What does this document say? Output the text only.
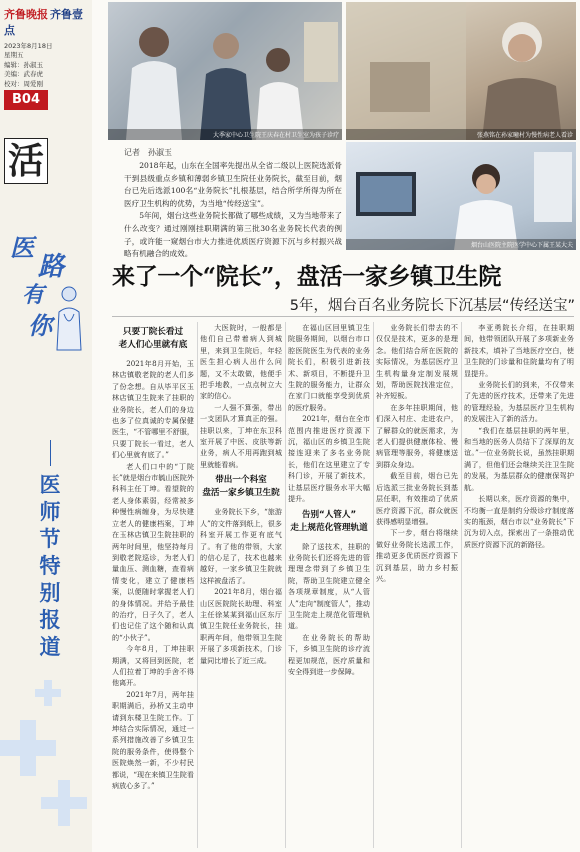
齐鲁晚报 齐鲁壹点
2023年8月18日
星期五
编辑：孙淑玉
美编：武春虎
校对：周爱刚
B04
活
医
路
有
你
医师节特别报道
大季家中心卫生院王庆春在村卫生室为孩子诊疗	张燕铭在孙家疃村为慢性病老人看诊
烟台山医院主院医学中心下属王某大夫
记者　孙淑玉

2018年起，山东在全国率先提出从全省二级以上医院选派骨干到县级重点乡镇和薄弱乡镇卫生院任业务院长，截至目前，烟台已先后选派100名“业务院长”扎根基层，结合所学所得为所在医疗卫生机构的优势，为当地“传经送宝”。

5年间，烟台这些业务院长都做了哪些成绩，又为当地带来了什么改变？通过刚刚挂职期满的第三批30名业务院长代表的例子，或许能一窥烟台市大力推进优质医疗资源下沉与乡村振兴战略有机融合的成效。

来了一个“院长”，盘活一家乡镇卫生院
5年，烟台百名业务院长下沉基层“传经送宝”
只要丁院长看过
老人们心里就有底

2021年8月开始，玉林店镇敬老院的老人们多了份念想。自从毕平区玉林店镇卫生院来了挂职的业务院长，老人们的身边也多了位真诚的专属保健医生，“不管哪里不舒服，只要丁院长一看过，老人们心里就有底了。”

老人们口中的“丁院长”就是烟台市毓山医院外科科主任丁坤。看望院的老人身体素弱，经常被多种慢性病缠身，为尽快建立老人的健康档案，丁坤在玉林店镇卫生院挂职的两年时间里，他坚持每月到敬老院巡诊，为老人们量血压、测血糖，查看病情变化，建立了健康档案，以便随时掌握老人们的身体情况。并给予最佳的治疗，日子久了，老人们也记住了这个随和认真的“小伙子”。

今年8月，丁坤挂职期满，又将回到医院，老人们拉着丁坤的手舍不得他离开。

2021年7月，两年挂职期满后，孙桥又主动申请到东楼卫生院工作。丁坤结合实际情况，通过一系列措施改善了乡镇卫生院的服务条件，使得整个医院焕然一新，不少村民都说，“现在来镇卫生院看病放心多了。”

大医院时，一般都是他们自己带着病人到城里，来到卫生院后，年轻医生担心病人出什么问题，又不太敢做，他便手把手地教，一点点树立大家的信心。

一人强不算强，带出一支团队才算真正的强。挂职以来，丁坤在东卫科室开展了中医、皮肤等新业务，病人不用再跑到城里就能看病。

带出一个科室
盘活一家乡镇卫生院

业务院长下乡，“旅游人”的文件落到纸上，很多科室开展工作更有底气了。有了他的带领，大家的信心足了，技术也越来越好，一家乡镇卫生院就这样被盘活了。

2021年8月，烟台福山区医院院长助理、科室主任徐某某到福山区东厅镇卫生院任业务院长，挂职两年间，他带领卫生院开展了多项新技术，门诊量同比增长了近三成。

在福山区回里镇卫生院服务期间，以烟台市口腔医院医生为代表的业务院长们，积极引进新技术、新项目，不断提升卫生院的服务能力，让群众在家门口就能享受到优质的医疗服务。

2021年，烟台在全市范围内推进医疗资源下沉，福山区的乡镇卫生院接连迎来了多名业务院长，他们在这里建立了专科门诊，开展了新技术，让基层医疗服务水平大幅提升。

告别“人管人”
走上规范化管理轨道

除了送技术，挂职的业务院长们还将先进的管理理念带到了乡镇卫生院，帮助卫生院建立健全各项规章制度，从“人管人”走向“制度管人”，推动卫生院走上规范化管理轨道。

在业务院长的帮助下，乡镇卫生院的诊疗流程更加规范，医疗质量和安全得到进一步保障。

业务院长们带去的不仅仅是技术，更多的是理念。他们结合所在医院的实际情况，为基层医疗卫生机构量身定制发展规划，帮助医院找准定位，补齐短板。

在多年挂职期间，他们深入村庄、走进农户，了解群众的就医需求，为老人们提供健康体检、慢病管理等服务，将健康送到群众身边。

截至目前，烟台已先后选派三批业务院长到基层任职，有效推动了优质医疗资源下沉，群众就医获得感明显增强。

下一步，烟台将继续做好业务院长选派工作，推动更多优质医疗资源下沉到基层，助力乡村振兴。

李亚勇院长介绍，在挂职期间，他带领团队开展了多项新业务新技术，填补了当地医疗空白，使卫生院的门诊量和住院量均有了明显提升。

业务院长们的到来，不仅带来了先进的医疗技术，还带来了先进的管理经验，为基层医疗卫生机构的发展注入了新的活力。

“我们在基层挂职的两年里，和当地的医务人员结下了深厚的友谊。”一位业务院长说，虽然挂职期满了，但他们还会继续关注卫生院的发展，为基层群众的健康保驾护航。

长期以来，医疗资源的集中，不均衡一直是制约分级诊疗制度落实的瓶颈，烟台市以“业务院长”下沉为切入点，探索出了一条推动优质医疗资源下沉的新路径。
